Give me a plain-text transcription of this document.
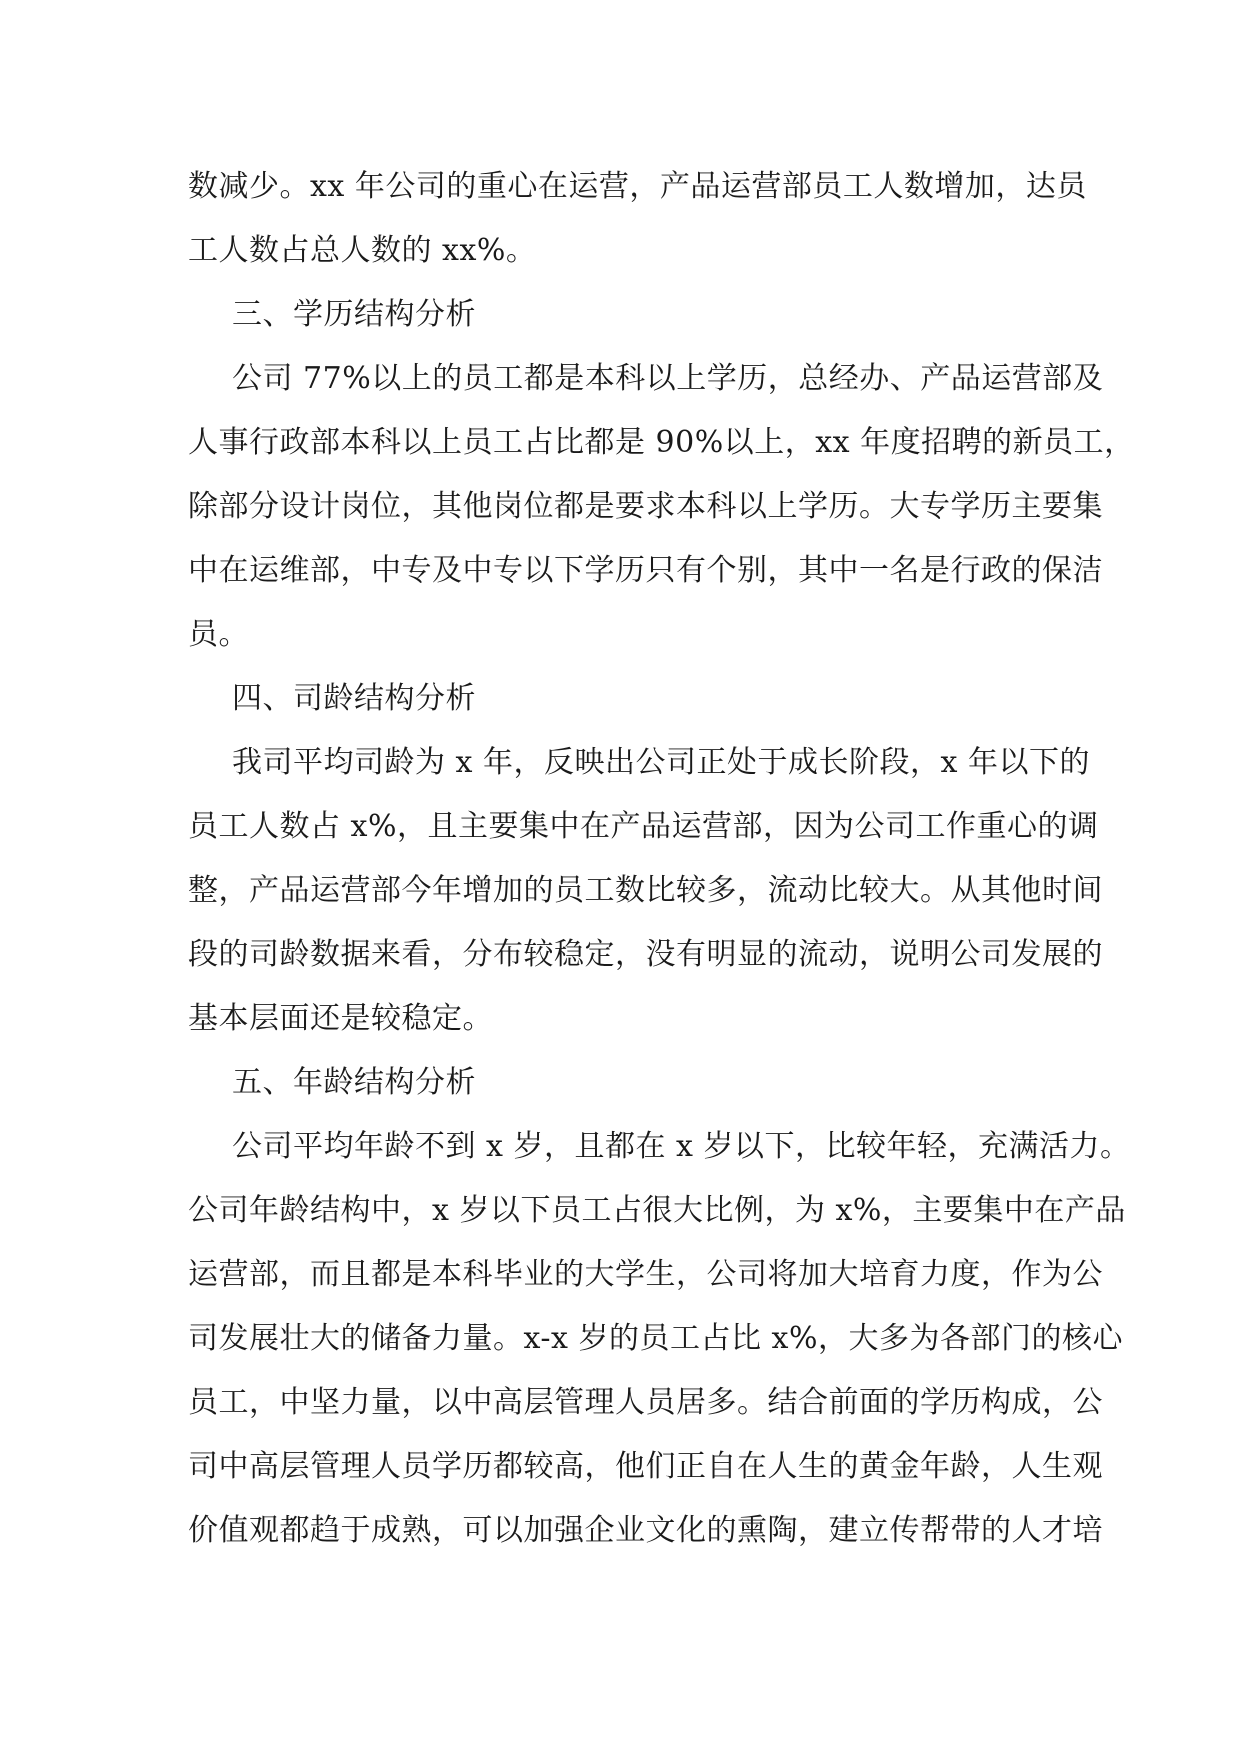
数减少。xx 年公司的重心在运营，产品运营部员工人数增加，达员
工人数占总人数的 xx%。
三、学历结构分析
公司 77%以上的员工都是本科以上学历，总经办、产品运营部及
人事行政部本科以上员工占比都是 90%以上，xx 年度招聘的新员工，
除部分设计岗位，其他岗位都是要求本科以上学历。大专学历主要集
中在运维部，中专及中专以下学历只有个别，其中一名是行政的保洁
员。
四、司龄结构分析
我司平均司龄为 x 年，反映出公司正处于成长阶段，x 年以下的
员工人数占 x%，且主要集中在产品运营部，因为公司工作重心的调
整，产品运营部今年增加的员工数比较多，流动比较大。从其他时间
段的司龄数据来看，分布较稳定，没有明显的流动，说明公司发展的
基本层面还是较稳定。
五、年龄结构分析
公司平均年龄不到 x 岁，且都在 x 岁以下，比较年轻，充满活力。
公司年龄结构中，x 岁以下员工占很大比例，为 x%，主要集中在产品
运营部，而且都是本科毕业的大学生，公司将加大培育力度，作为公
司发展壮大的储备力量。x-x 岁的员工占比 x%，大多为各部门的核心
员工，中坚力量，以中高层管理人员居多。结合前面的学历构成，公
司中高层管理人员学历都较高，他们正自在人生的黄金年龄，人生观
价值观都趋于成熟，可以加强企业文化的熏陶，建立传帮带的人才培
